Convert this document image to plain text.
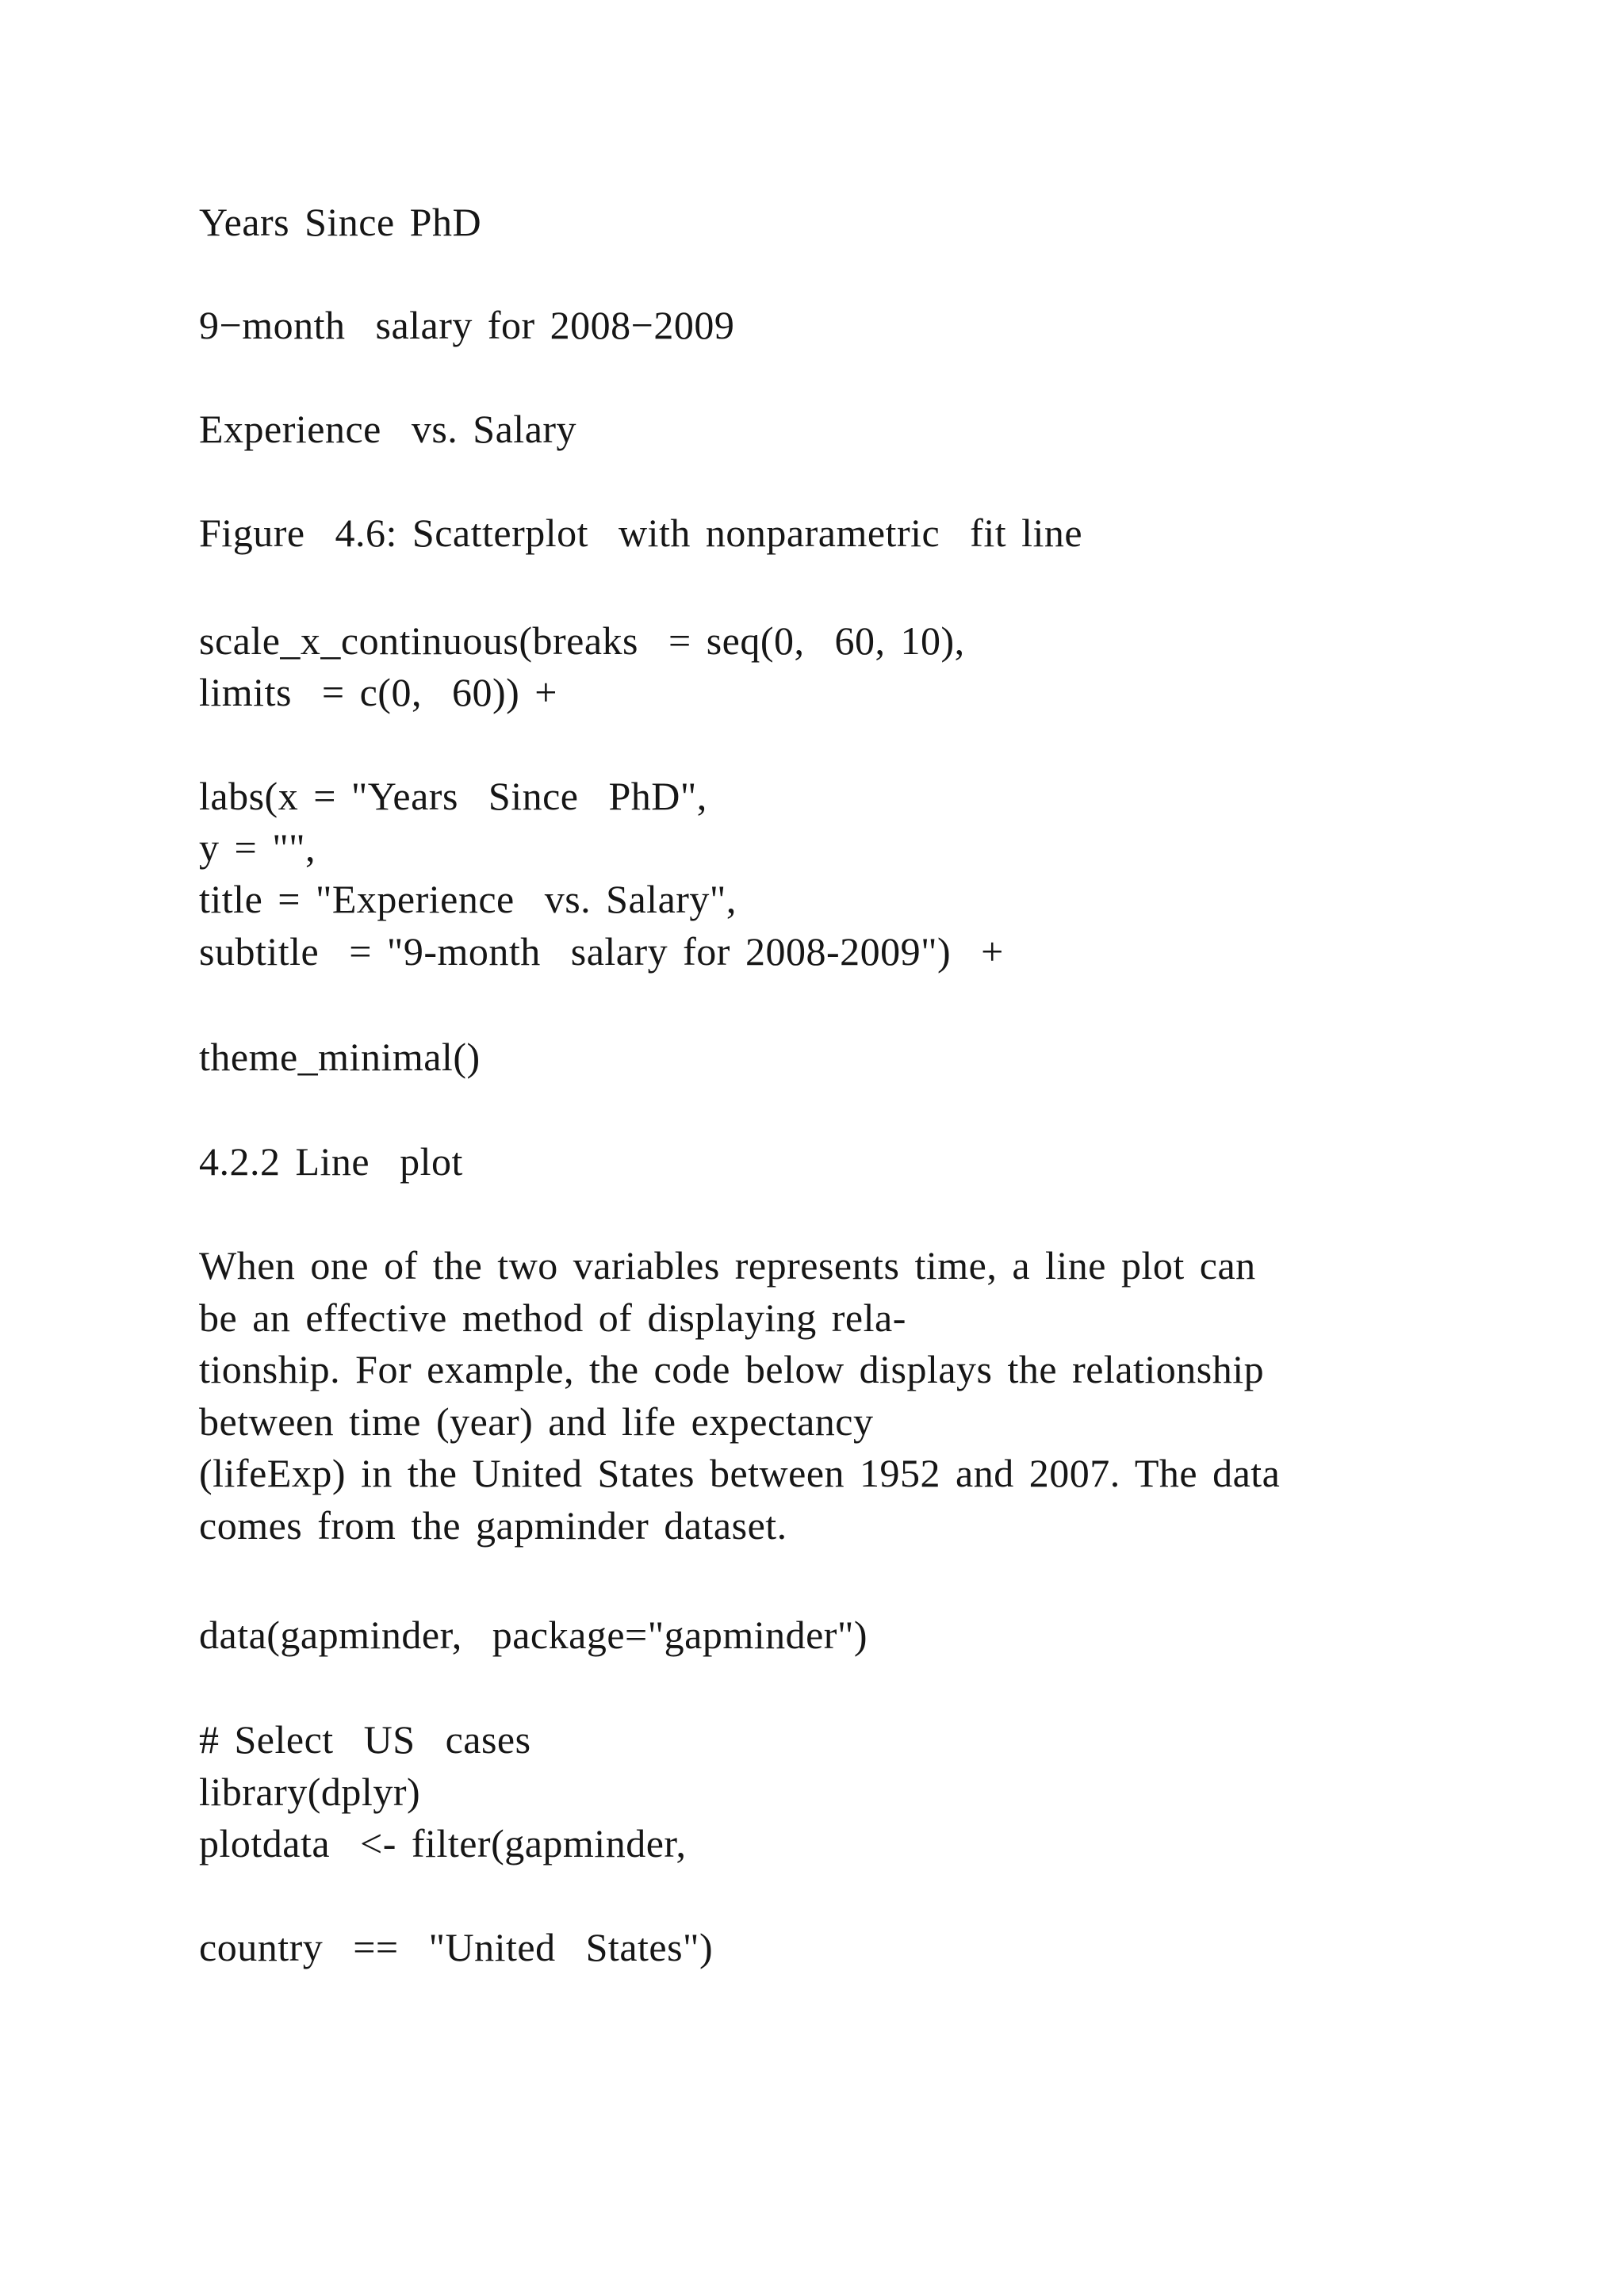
Years Since PhD
9−month  salary for 2008−2009
Experience  vs. Salary
Figure  4.6: Scatterplot  with nonparametric  fit line
scale_x_continuous(breaks  = seq(0,  60, 10),
limits  = c(0,  60)) +
labs(x = "Years  Since  PhD",
y = "",
title = "Experience  vs. Salary",
subtitle  = "9-month  salary for 2008-2009")  +
theme_minimal()
4.2.2 Line  plot
When one of the two variables represents time, a line plot can
be an effective method of displaying rela-
tionship. For example, the code below displays the relationship
between time (year) and life expectancy
(lifeExp) in the United States between 1952 and 2007. The data
comes from the gapminder dataset.
data(gapminder,  package="gapminder")
# Select  US  cases
library(dplyr)
plotdata  <- filter(gapminder,
country  ==  "United  States")
